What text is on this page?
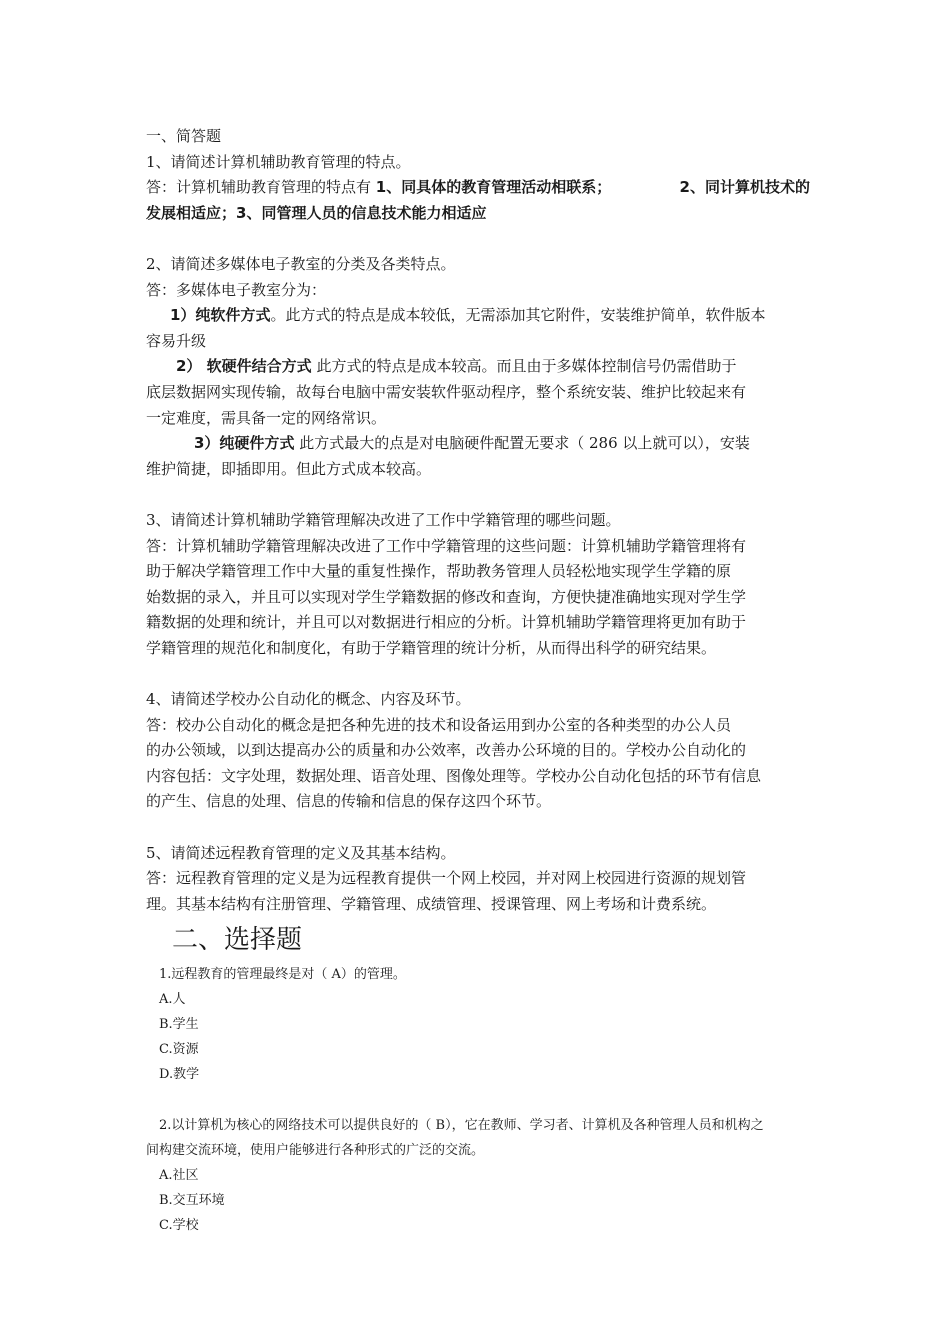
一、简答题
1、请简述计算机辅助教育管理的特点。
答：计算机辅助教育管理的特点有 1、同具体的教育管理活动相联系；	2、同计算机技术的
发展相适应；3、同管理人员的信息技术能力相适应
2、请简述多媒体电子教室的分类及各类特点。
答：多媒体电子教室分为：
1）纯软件方式。此方式的特点是成本较低，无需添加其它附件，安装维护简单，软件版本
容易升级
2） 软硬件结合方式 此方式的特点是成本较高。而且由于多媒体控制信号仍需借助于
底层数据网实现传输，故每台电脑中需安装软件驱动程序，整个系统安装、维护比较起来有
一定难度，需具备一定的网络常识。
3）纯硬件方式 此方式最大的点是对电脑硬件配置无要求（ 286 以上就可以），安装
维护简捷，即插即用。但此方式成本较高。
3、请简述计算机辅助学籍管理解决改进了工作中学籍管理的哪些问题。
答：计算机辅助学籍管理解决改进了工作中学籍管理的这些问题：计算机辅助学籍管理将有
助于解决学籍管理工作中大量的重复性操作，帮助教务管理人员轻松地实现学生学籍的原
始数据的录入，并且可以实现对学生学籍数据的修改和查询，方便快捷准确地实现对学生学
籍数据的处理和统计，并且可以对数据进行相应的分析。计算机辅助学籍管理将更加有助于
学籍管理的规范化和制度化，有助于学籍管理的统计分析，从而得出科学的研究结果。
4、请简述学校办公自动化的概念、内容及环节。
答：校办公自动化的概念是把各种先进的技术和设备运用到办公室的各种类型的办公人员
的办公领域，以到达提高办公的质量和办公效率，改善办公环境的目的。学校办公自动化的
内容包括：文字处理，数据处理、语音处理、图像处理等。学校办公自动化包括的环节有信息
的产生、信息的处理、信息的传输和信息的保存这四个环节。
5、请简述远程教育管理的定义及其基本结构。
答：远程教育管理的定义是为远程教育提供一个网上校园，并对网上校园进行资源的规划管
理。其基本结构有注册管理、学籍管理、成绩管理、授课管理、网上考场和计费系统。
二、选择题
1.远程教育的管理最终是对（ A）的管理。
A.人
B.学生
C.资源
D.教学
2.以计算机为核心的网络技术可以提供良好的（ B），它在教师、学习者、计算机及各种管理人员和机构之
间构建交流环境，使用户能够进行各种形式的广泛的交流。
A.社区
B.交互环境
C.学校
